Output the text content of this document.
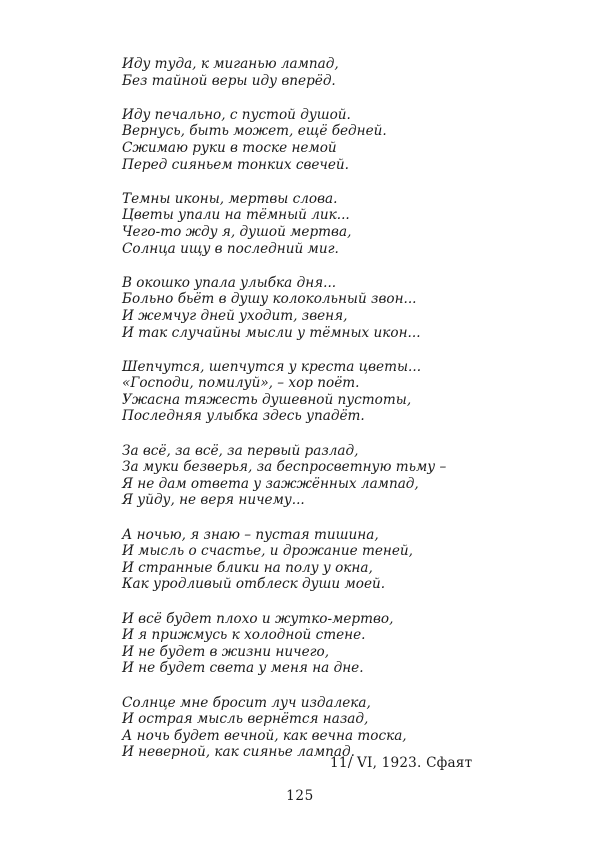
Иду туда, к миганью лампад,
Без тайной веры иду вперёд.
Иду печально, с пустой душой.
Вернусь, быть может, ещё бедней.
Сжимаю руки в тоске немой
Перед сияньем тонких свечей.
Темны иконы, мертвы слова.
Цветы упали на тёмный лик...
Чего-то жду я, душой мертва,
Солнца ищу в последний миг.
В окошко упала улыбка дня...
Больно бьёт в душу колокольный звон...
И жемчуг дней уходит, звеня,
И так случайны мысли у тёмных икон...
Шепчутся, шепчутся у креста цветы...
«Господи, помилуй», – хор поёт.
Ужасна тяжесть душевной пустоты,
Последняя улыбка здесь упадёт.
За всё, за всё, за первый разлад,
За муки безверья, за беспросветную тьму –
Я не дам ответа у зажжённых лампад,
Я уйду, не веря ничему...
А ночью, я знаю – пустая тишина,
И мысль о счастье, и дрожание теней,
И странные блики на полу у окна,
Как уродливый отблеск души моей.
И всё будет плохо и жутко-мертво,
И я прижмусь к холодной стене.
И не будет в жизни ничего,
И не будет света у меня на дне.
Солнце мне бросит луч издалека,
И острая мысль вернётся назад,
А ночь будет вечной, как вечна тоска,
И неверной, как сиянье лампад.
11/ VI, 1923. Сфаят
125
